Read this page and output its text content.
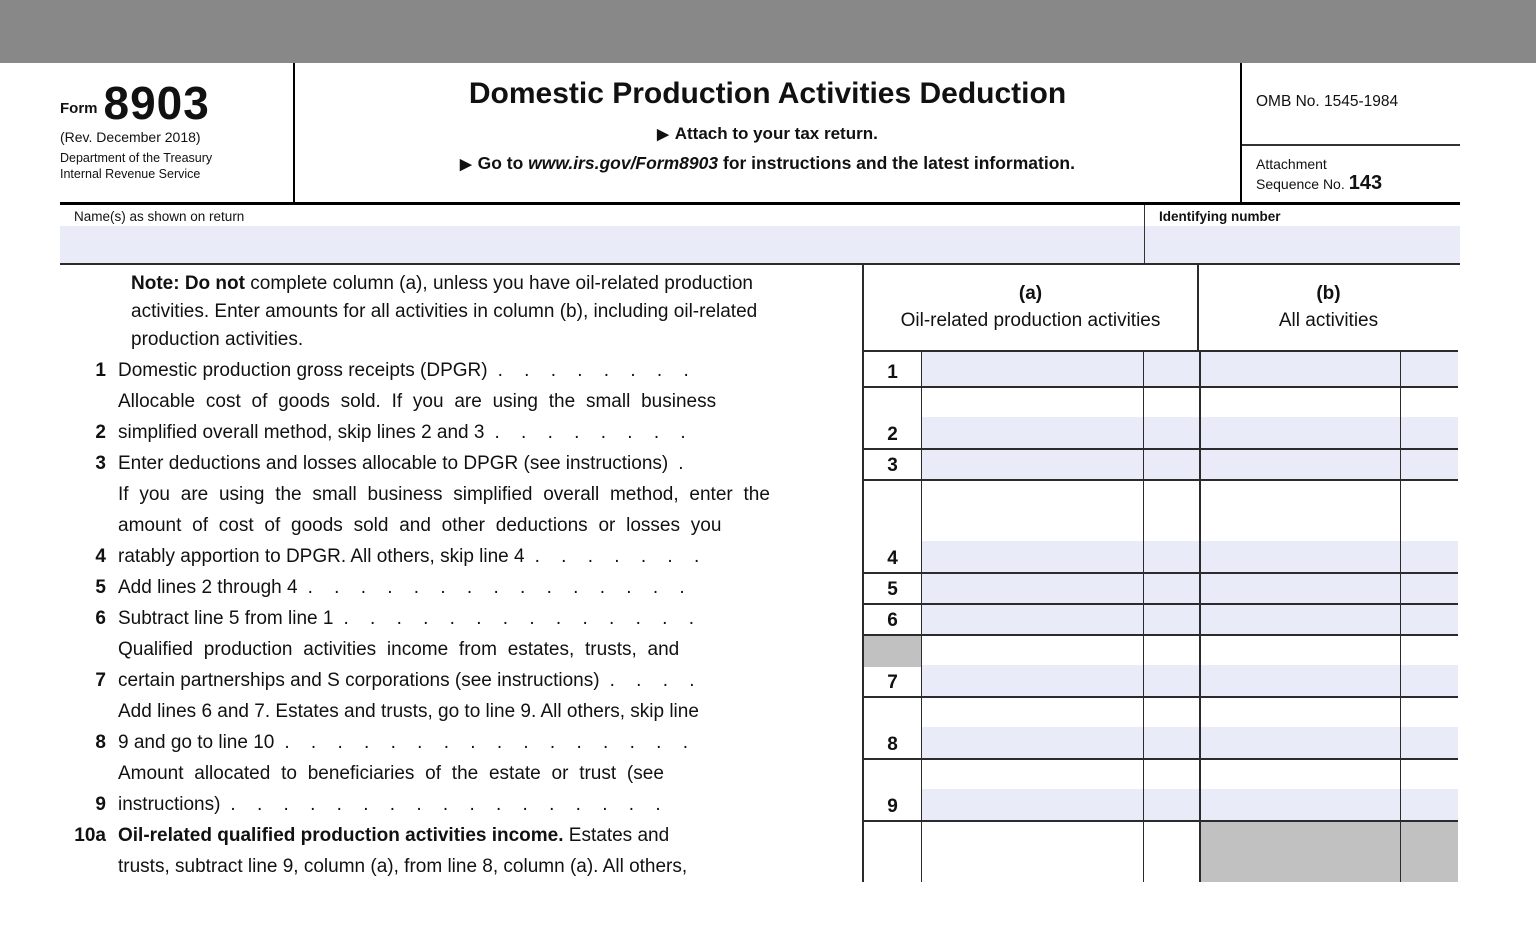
Form 8903
(Rev. December 2018)
Department of the Treasury
Internal Revenue Service
Domestic Production Activities Deduction
▶ Attach to your tax return.
▶ Go to www.irs.gov/Form8903 for instructions and the latest information.
OMB No. 1545-1984
Attachment
Sequence No. 143
Name(s) as shown on return	Identifying number
Note: Do not complete column (a), unless you have oil-related production activities. Enter amounts for all activities in column (b), including oil-related production activities.
1 Domestic production gross receipts (DPGR) . . . . . . . .
2
Allocable cost of goods sold. If you are using the small business
simplified overall method, skip lines 2 and 3 . . . . . . . .
3 Enter deductions and losses allocable to DPGR (see instructions) .
4
If you are using the small business simplified overall method, enter the
amount of cost of goods sold and other deductions or losses you
ratably apportion to DPGR. All others, skip line 4 . . . . . . .
5 Add lines 2 through 4 . . . . . . . . . . . . . . .
6 Subtract line 5 from line 1 . . . . . . . . . . . . . .
7
Qualified production activities income from estates, trusts, and
certain partnerships and S corporations (see instructions) . . . .
8
Add lines 6 and 7. Estates and trusts, go to line 9. All others, skip line
9 and go to line 10 . . . . . . . . . . . . . . . .
9
Amount allocated to beneficiaries of the estate or trust (see
instructions) . . . . . . . . . . . . . . . . .
10a Oil-related qualified production activities income. Estates and
trusts, subtract line 9, column (a), from line 8, column (a). All others,
(a)
Oil-related production activities
(b)
All activities
1
2
3
4
5
6
7
8
9
